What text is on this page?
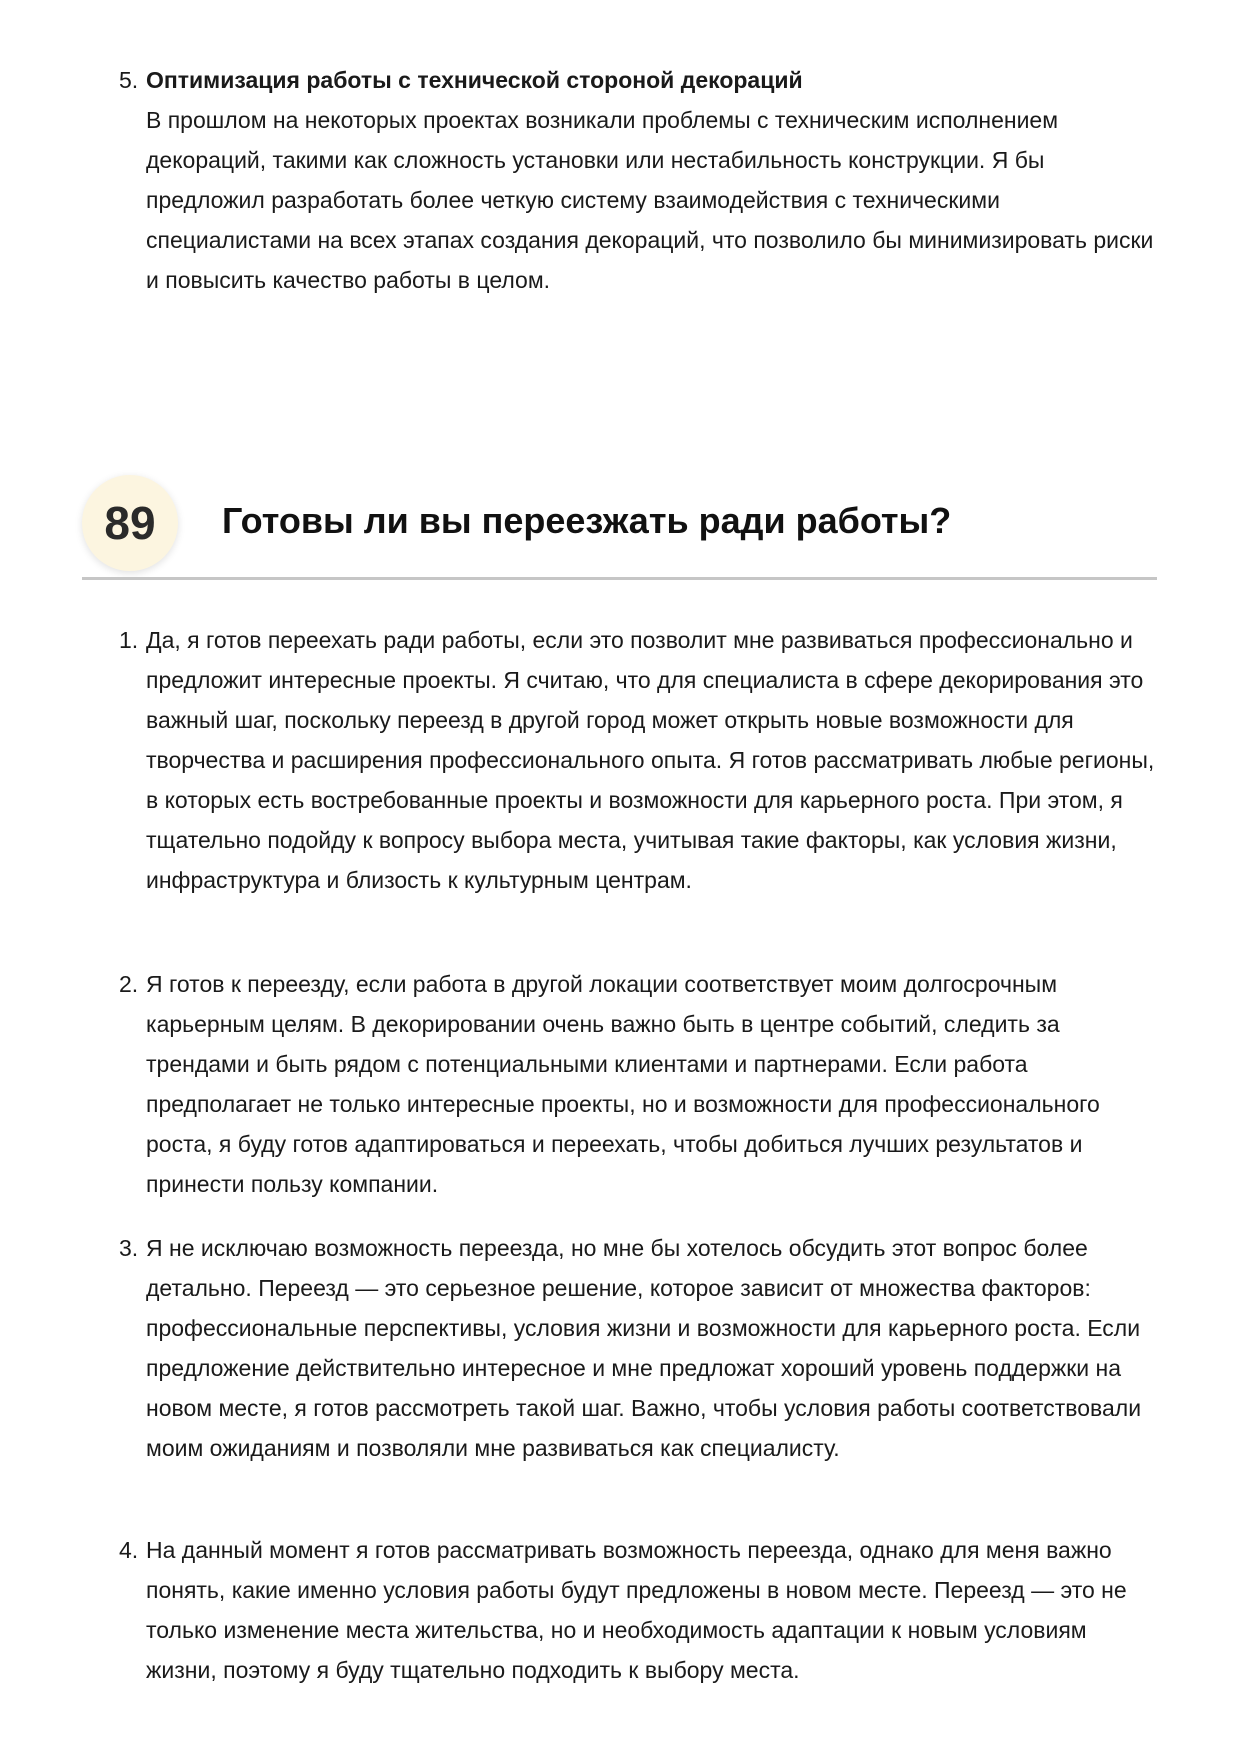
5. Оптимизация работы с технической стороной декораций
В прошлом на некоторых проектах возникали проблемы с техническим исполнением декораций, такими как сложность установки или нестабильность конструкции. Я бы предложил разработать более четкую систему взаимодействия с техническими специалистами на всех этапах создания декораций, что позволило бы минимизировать риски и повысить качество работы в целом.
89	Готовы ли вы переезжать ради работы?
1. Да, я готов переехать ради работы, если это позволит мне развиваться профессионально и предложит интересные проекты. Я считаю, что для специалиста в сфере декорирования это важный шаг, поскольку переезд в другой город может открыть новые возможности для творчества и расширения профессионального опыта. Я готов рассматривать любые регионы, в которых есть востребованные проекты и возможности для карьерного роста. При этом, я тщательно подойду к вопросу выбора места, учитывая такие факторы, как условия жизни, инфраструктура и близость к культурным центрам.
2. Я готов к переезду, если работа в другой локации соответствует моим долгосрочным карьерным целям. В декорировании очень важно быть в центре событий, следить за трендами и быть рядом с потенциальными клиентами и партнерами. Если работа предполагает не только интересные проекты, но и возможности для профессионального роста, я буду готов адаптироваться и переехать, чтобы добиться лучших результатов и принести пользу компании.
3. Я не исключаю возможность переезда, но мне бы хотелось обсудить этот вопрос более детально. Переезд — это серьезное решение, которое зависит от множества факторов: профессиональные перспективы, условия жизни и возможности для карьерного роста. Если предложение действительно интересное и мне предложат хороший уровень поддержки на новом месте, я готов рассмотреть такой шаг. Важно, чтобы условия работы соответствовали моим ожиданиям и позволяли мне развиваться как специалисту.
4. На данный момент я готов рассматривать возможность переезда, однако для меня важно понять, какие именно условия работы будут предложены в новом месте. Переезд — это не только изменение места жительства, но и необходимость адаптации к новым условиям жизни, поэтому я буду тщательно подходить к выбору места.
